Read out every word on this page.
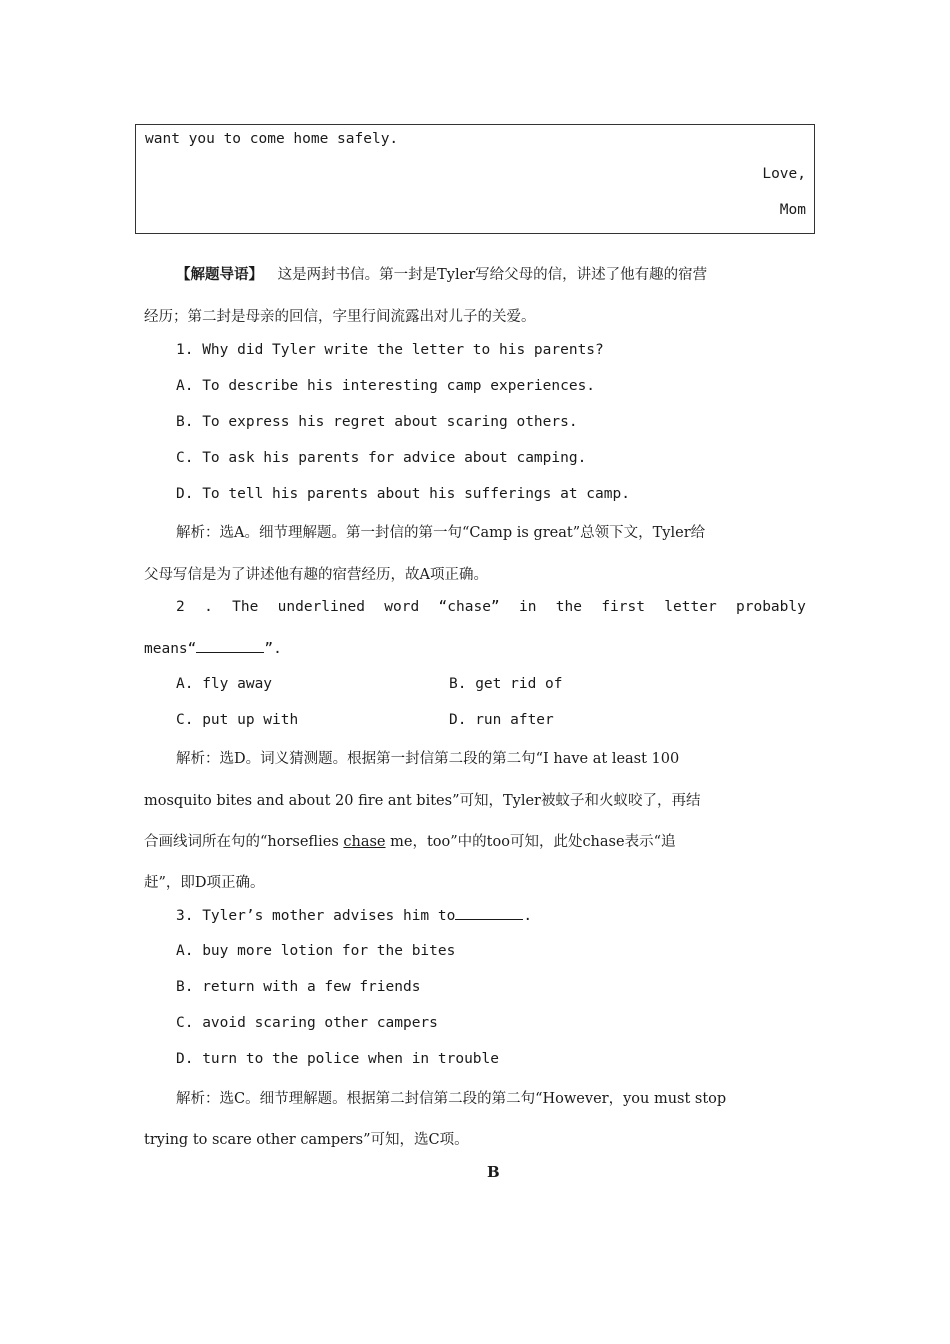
want you to come home safely.
Love,
Mom
【解题导语】 这是两封书信。第一封是Tyler写给父母的信，讲述了他有趣的宿营
经历；第二封是母亲的回信，字里行间流露出对儿子的关爱。
1. Why did Tyler write the letter to his parents?
A. To describe his interesting camp experiences.
B. To express his regret about scaring others.
C. To ask his parents for advice about camping.
D. To tell his parents about his sufferings at camp.
解析：选A。细节理解题。第一封信的第一句“Camp is great”总领下文，Tyler给
父母写信是为了讲述他有趣的宿营经历，故A项正确。
2 . The underlined word “chase” in the first letter probably
means“	”.
A. fly away	B. get rid of
C. put up with	D. run after
解析：选D。词义猜测题。根据第一封信第二段的第二句“I have at least 100
mosquito bites and about 20 fire ant bites”可知，Tyler被蚊子和火蚁咬了，再结
合画线词所在句的“horseflies chase me，too”中的too可知，此处chase表示“追
赶”，即D项正确。
3. Tyler’s mother advises him to	.
A. buy more lotion for the bites
B. return with a few friends
C. avoid scaring other campers
D. turn to the police when in trouble
解析：选C。细节理解题。根据第二封信第二段的第二句“However，you must stop
trying to scare other campers”可知，选C项。
B
